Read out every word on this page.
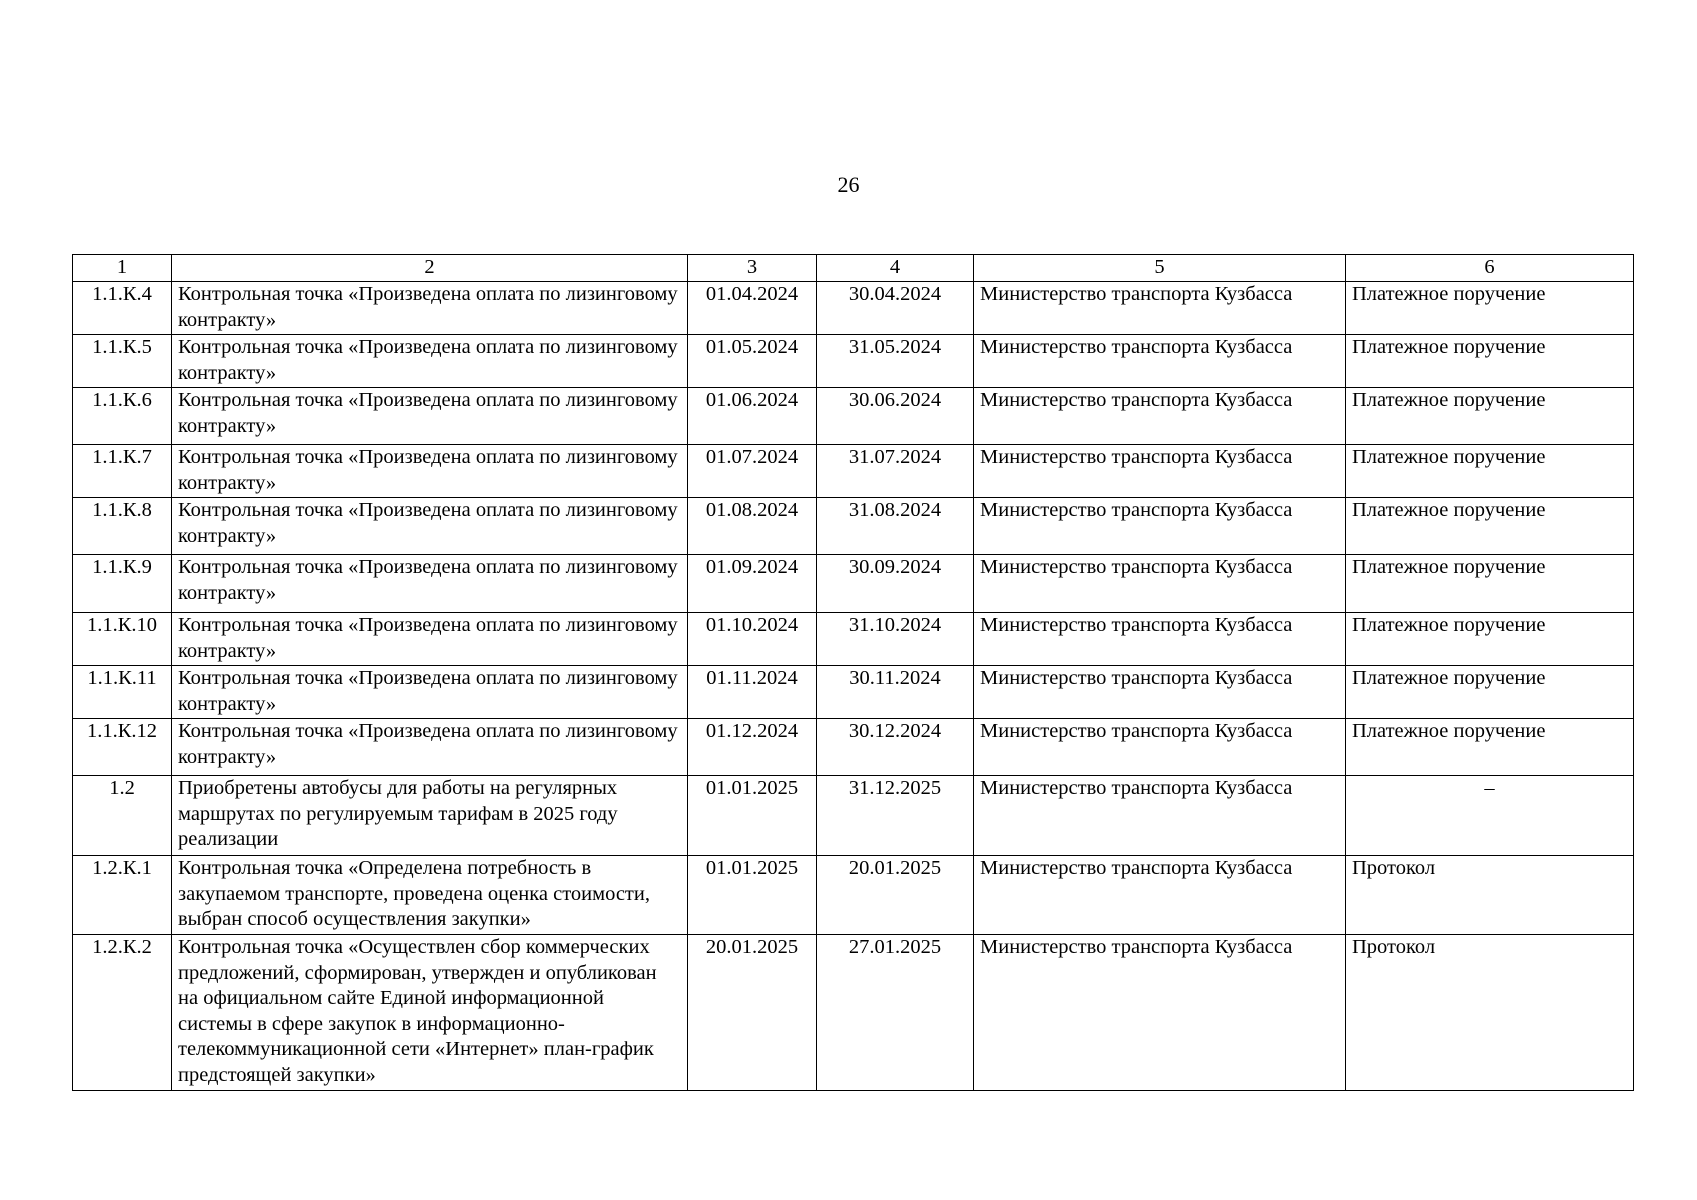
26
1	2	3	4	5	6
1.1.К.4	Контрольная точка «Произведена оплата по лизинговому контракту»	01.04.2024	30.04.2024	Министерство транспорта Кузбасса	Платежное поручение
1.1.К.5	Контрольная точка «Произведена оплата по лизинговому контракту»	01.05.2024	31.05.2024	Министерство транспорта Кузбасса	Платежное поручение
1.1.К.6	Контрольная точка «Произведена оплата по лизинговому контракту»	01.06.2024	30.06.2024	Министерство транспорта Кузбасса	Платежное поручение
1.1.К.7	Контрольная точка «Произведена оплата по лизинговому контракту»	01.07.2024	31.07.2024	Министерство транспорта Кузбасса	Платежное поручение
1.1.К.8	Контрольная точка «Произведена оплата по лизинговому контракту»	01.08.2024	31.08.2024	Министерство транспорта Кузбасса	Платежное поручение
1.1.К.9	Контрольная точка «Произведена оплата по лизинговому контракту»	01.09.2024	30.09.2024	Министерство транспорта Кузбасса	Платежное поручение
1.1.К.10	Контрольная точка «Произведена оплата по лизинговому контракту»	01.10.2024	31.10.2024	Министерство транспорта Кузбасса	Платежное поручение
1.1.К.11	Контрольная точка «Произведена оплата по лизинговому контракту»	01.11.2024	30.11.2024	Министерство транспорта Кузбасса	Платежное поручение
1.1.К.12	Контрольная точка «Произведена оплата по лизинговому контракту»	01.12.2024	30.12.2024	Министерство транспорта Кузбасса	Платежное поручение
1.2	Приобретены автобусы для работы на регулярных маршрутах по регулируемым тарифам в 2025 году реализации	01.01.2025	31.12.2025	Министерство транспорта Кузбасса	–
1.2.К.1	Контрольная точка «Определена потребность в закупаемом транспорте, проведена оценка стоимости, выбран способ осуществления закупки»	01.01.2025	20.01.2025	Министерство транспорта Кузбасса	Протокол
1.2.К.2	Контрольная точка «Осуществлен сбор коммерческих предложений, сформирован, утвержден и опубликован на официальном сайте Единой информационной системы в сфере закупок в информационно-телекоммуникационной сети «Интернет» план-график предстоящей закупки»	20.01.2025	27.01.2025	Министерство транспорта Кузбасса	Протокол
